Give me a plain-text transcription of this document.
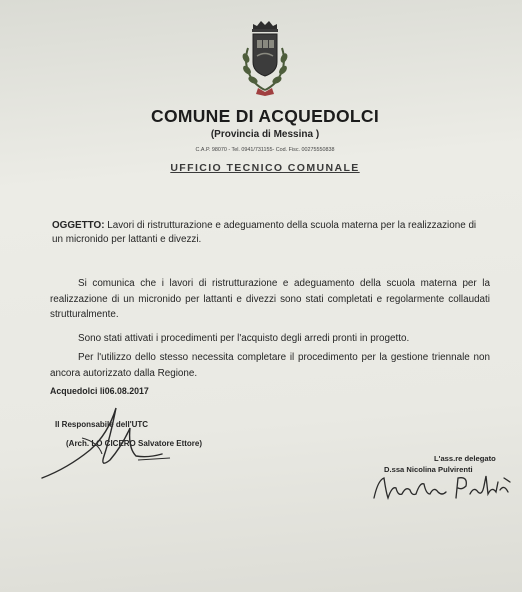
COMUNE DI ACQUEDOLCI
(Provincia di Messina )
C.A.P. 98070 - Tel. 0941/731155- Cod. Fisc. 00275550838
UFFICIO TECNICO COMUNALE
OGGETTO: Lavori di ristrutturazione e adeguamento della scuola materna per la realizzazione di un micronido per lattanti e divezzi.
Si comunica che i lavori di ristrutturazione e adeguamento della scuola materna per la realizzazione di un micronido per lattanti e divezzi sono stati completati e regolarmente collaudati strutturalmente.
Sono stati attivati i procedimenti per l'acquisto degli arredi pronti in progetto.
Per l'utilizzo dello stesso necessita completare il procedimento per la gestione triennale non ancora autorizzato dalla Regione.
Acquedolci li06.08.2017
Il Responsabile dell'UTC
(Arch. LO CICERO Salvatore Ettore)
L'ass.re delegato
D.ssa Nicolina Pulvirenti
